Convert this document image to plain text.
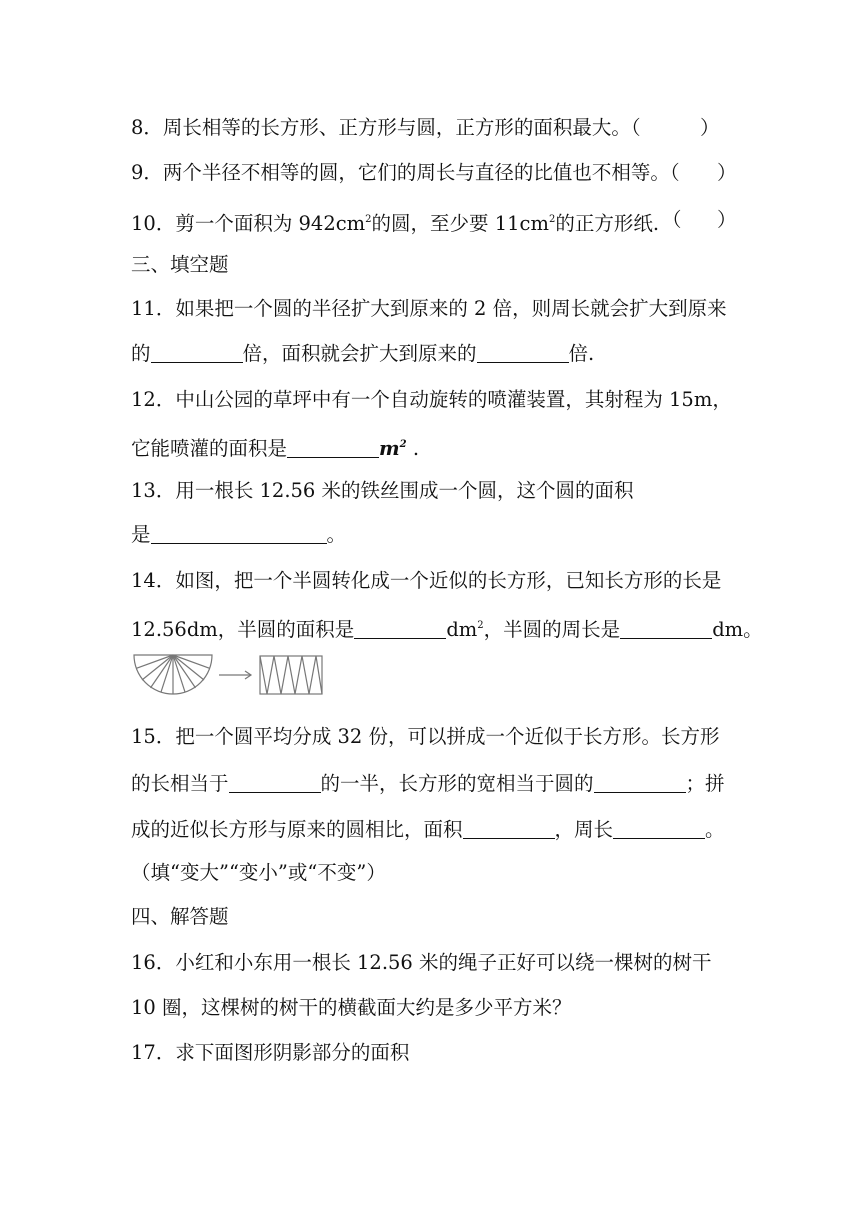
8．周长相等的长方形、正方形与圆，正方形的面积最大。（	）
9．两个半径不相等的圆，它们的周长与直径的比值也不相等。（ ）
10．剪一个面积为 $942cm^2$的圆，至少要 $11cm^2$的正方形纸. （ ）
三、填空题
11．如果把一个圆的半径扩大到原来的 2 倍，则周长就会扩大到原来
的	倍，面积就会扩大到原来的	倍.
12．中山公园的草坪中有一个自动旋转的喷灌装置，其射程为 15m，
它能喷灌的面积是	$m^2$ .
13．用一根长 12.56 米的铁丝围成一个圆，这个圆的面积
是	。
14．如图，把一个半圆转化成一个近似的长方形，已知长方形的长是
12.56dm，半圆的面积是	$dm^2$，半圆的周长是	dm。
15．把一个圆平均分成 32 份，可以拼成一个近似于长方形。长方形
的长相当于	的一半，长方形的宽相当于圆的	；拼
成的近似长方形与原来的圆相比，面积	，周长	。
（填“变大”“变小”或“不变”）
四、解答题
16．小红和小东用一根长 12.56 米的绳子正好可以绕一棵树的树干
10 圈，这棵树的树干的横截面大约是多少平方米？
17．求下面图形阴影部分的面积
